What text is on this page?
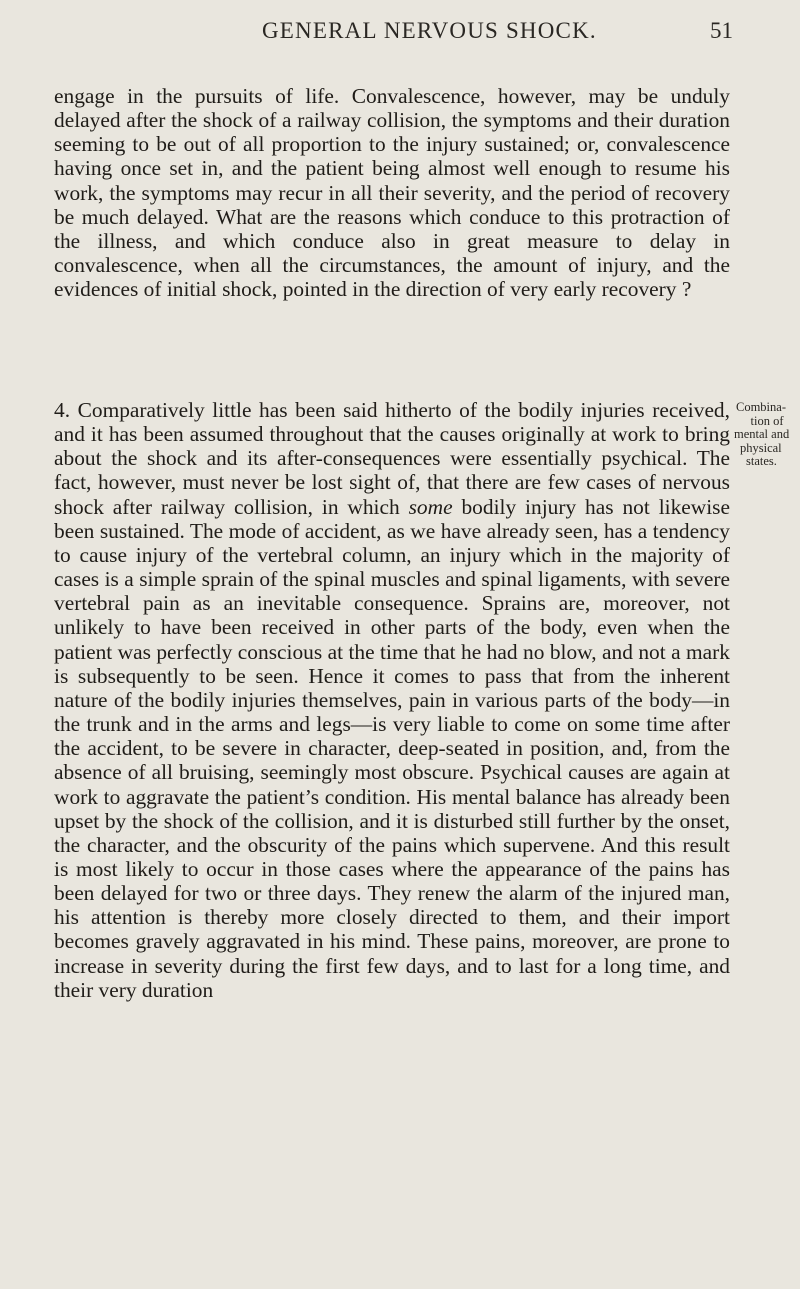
GENERAL NERVOUS SHOCK.	51

engage in the pursuits of life. Convalescence, however, may be unduly delayed after the shock of a railway collision, the symptoms and their duration seeming to be out of all proportion to the injury sustained; or, convalescence having once set in, and the patient being almost well enough to resume his work, the symptoms may recur in all their severity, and the period of recovery be much delayed. What are the reasons which conduce to this protraction of the illness, and which conduce also in great measure to delay in convalescence, when all the circumstances, the amount of injury, and the evidences of initial shock, pointed in the direction of very early recovery ?

4. Comparatively little has been said hitherto of the bodily injuries received, and it has been assumed throughout that the causes originally at work to bring about the shock and its after-consequences were essentially psychical. The fact, however, must never be lost sight of, that there are few cases of nervous shock after railway collision, in which some bodily injury has not likewise been sustained. The mode of accident, as we have already seen, has a tendency to cause injury of the vertebral column, an injury which in the majority of cases is a simple sprain of the spinal muscles and spinal ligaments, with severe vertebral pain as an inevitable consequence. Sprains are, moreover, not unlikely to have been received in other parts of the body, even when the patient was perfectly conscious at the time that he had no blow, and not a mark is subsequently to be seen. Hence it comes to pass that from the inherent nature of the bodily injuries themselves, pain in various parts of the body—in the trunk and in the arms and legs—is very liable to come on some time after the accident, to be severe in character, deep-seated in position, and, from the absence of all bruising, seemingly most obscure. Psychical causes are again at work to aggravate the patient’s condition. His mental balance has already been upset by the shock of the collision, and it is disturbed still further by the onset, the character, and the obscurity of the pains which supervene. And this result is most likely to occur in those cases where the appearance of the pains has been delayed for two or three days. They renew the alarm of the injured man, his attention is thereby more closely directed to them, and their import becomes gravely aggravated in his mind. These pains, moreover, are prone to increase in severity during the first few days, and to last for a long time, and their very duration

Combina-
tion of
mental and
physical
states.
